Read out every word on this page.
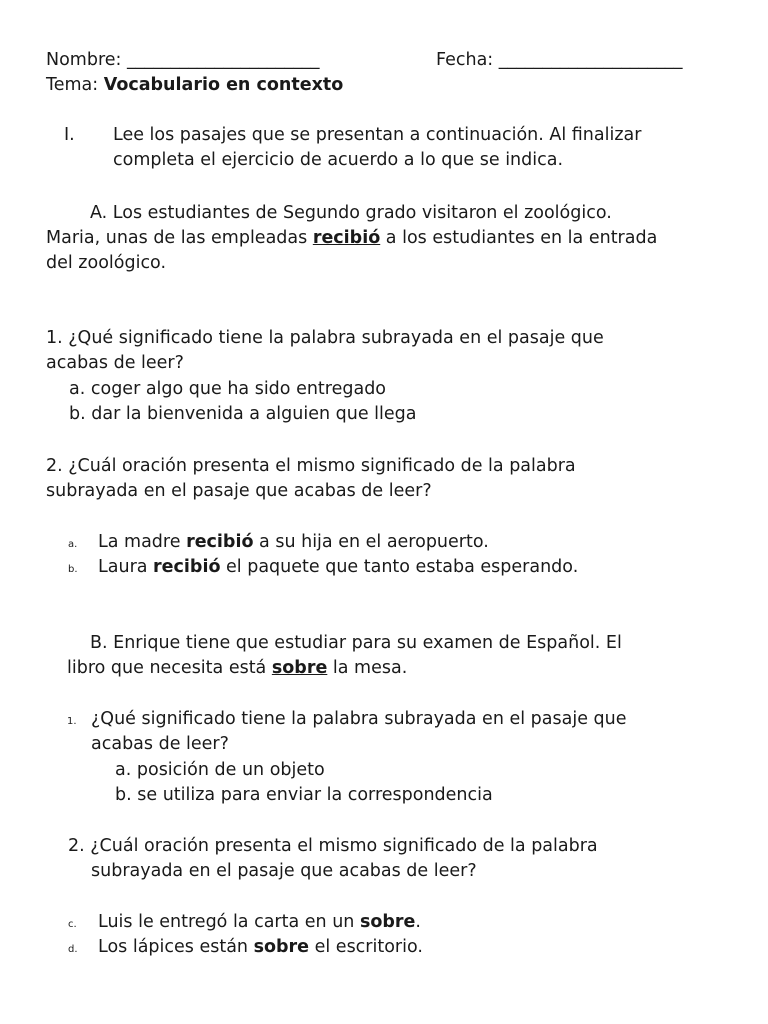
Nombre: ______________________	Fecha: _____________________
Tema: Vocabulario en contexto
I. Lee los pasajes que se presentan a continuación. Al finalizar
completa el ejercicio de acuerdo a lo que se indica.
A. Los estudiantes de Segundo grado visitaron el zoológico.
Maria, unas de las empleadas recibió a los estudiantes en la entrada
del zoológico.
1. ¿Qué significado tiene la palabra subrayada en el pasaje que
acabas de leer?
a. coger algo que ha sido entregado
b. dar la bienvenida a alguien que llega
2. ¿Cuál oración presenta el mismo significado de la palabra
subrayada en el pasaje que acabas de leer?
a. La madre recibió a su hija en el aeropuerto.
b. Laura recibió el paquete que tanto estaba esperando.
B. Enrique tiene que estudiar para su examen de Español. El
libro que necesita está sobre la mesa.
1. ¿Qué significado tiene la palabra subrayada en el pasaje que
acabas de leer?
a. posición de un objeto
b. se utiliza para enviar la correspondencia
2. ¿Cuál oración presenta el mismo significado de la palabra
subrayada en el pasaje que acabas de leer?
c. Luis le entregó la carta en un sobre.
d. Los lápices están sobre el escritorio.
